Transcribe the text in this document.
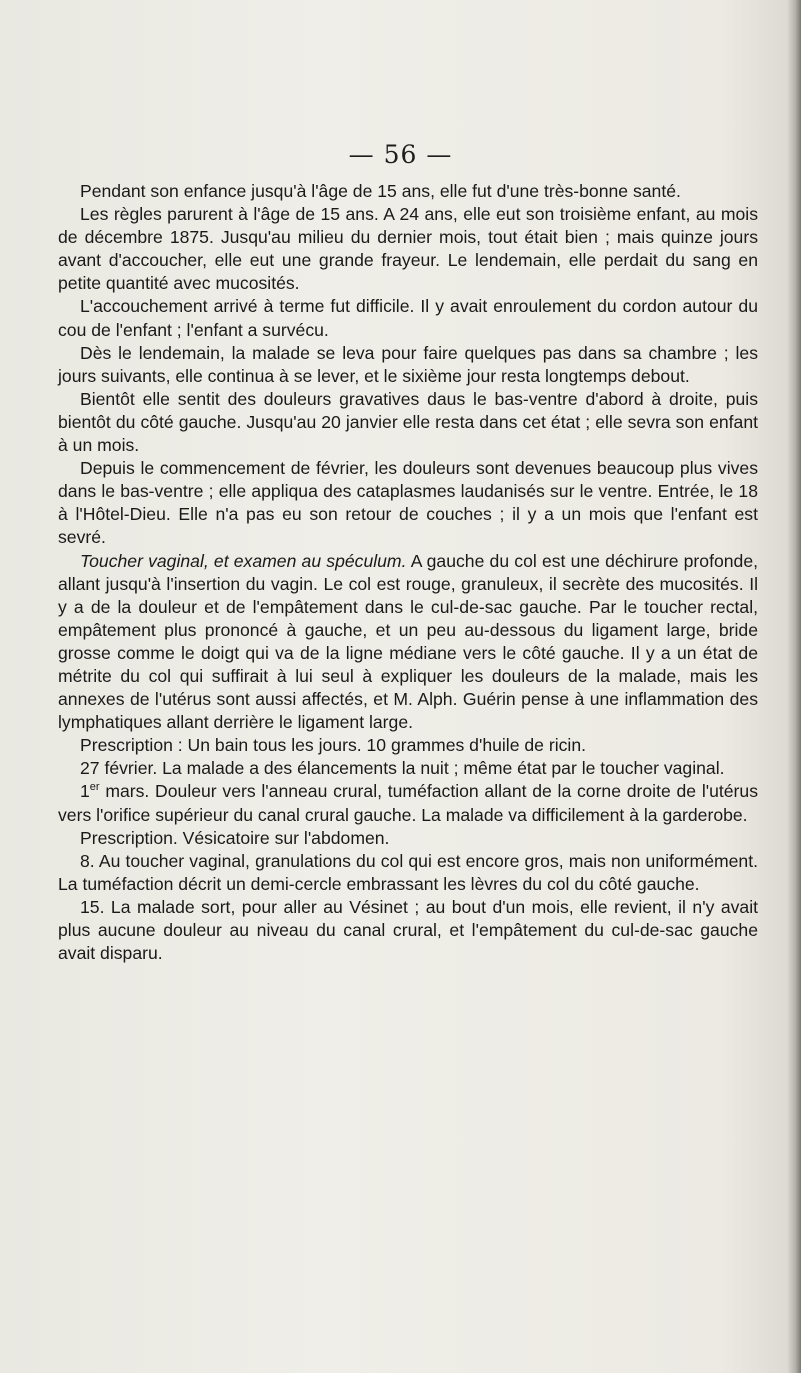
— 56 —

Pendant son enfance jusqu'à l'âge de 15 ans, elle fut d'une très-bonne santé.

Les règles parurent à l'âge de 15 ans. A 24 ans, elle eut son troisième enfant, au mois de décembre 1875. Jusqu'au milieu du dernier mois, tout était bien ; mais quinze jours avant d'accoucher, elle eut une grande frayeur. Le lendemain, elle perdait du sang en petite quantité avec mucosités.

L'accouchement arrivé à terme fut difficile. Il y avait enroulement du cordon autour du cou de l'enfant ; l'enfant a survécu.

Dès le lendemain, la malade se leva pour faire quelques pas dans sa chambre ; les jours suivants, elle continua à se lever, et le sixième jour resta longtemps debout.

Bientôt elle sentit des douleurs gravatives daus le bas-ventre d'abord à droite, puis bientôt du côté gauche. Jusqu'au 20 janvier elle resta dans cet état ; elle sevra son enfant à un mois.

Depuis le commencement de février, les douleurs sont devenues beaucoup plus vives dans le bas-ventre ; elle appliqua des cataplasmes laudanisés sur le ventre. Entrée, le 18 à l'Hôtel-Dieu. Elle n'a pas eu son retour de couches ; il y a un mois que l'enfant est sevré.

Toucher vaginal, et examen au spéculum. A gauche du col est une déchirure profonde, allant jusqu'à l'insertion du vagin. Le col est rouge, granuleux, il secrète des mucosités. Il y a de la douleur et de l'empâtement dans le cul-de-sac gauche. Par le toucher rectal, empâtement plus prononcé à gauche, et un peu au-dessous du ligament large, bride grosse comme le doigt qui va de la ligne médiane vers le côté gauche. Il y a un état de métrite du col qui suffirait à lui seul à expliquer les douleurs de la malade, mais les annexes de l'utérus sont aussi affectés, et M. Alph. Guérin pense à une inflammation des lymphatiques allant derrière le ligament large.

Prescription : Un bain tous les jours. 10 grammes d'huile de ricin.

27 février. La malade a des élancements la nuit ; même état par le toucher vaginal.

1er mars. Douleur vers l'anneau crural, tuméfaction allant de la corne droite de l'utérus vers l'orifice supérieur du canal crural gauche. La malade va difficilement à la garderobe.

Prescription. Vésicatoire sur l'abdomen.

8. Au toucher vaginal, granulations du col qui est encore gros, mais non uniformément. La tuméfaction décrit un demi-cercle embrassant les lèvres du col du côté gauche.

15. La malade sort, pour aller au Vésinet ; au bout d'un mois, elle revient, il n'y avait plus aucune douleur au niveau du canal crural, et l'empâtement du cul-de-sac gauche avait disparu.
